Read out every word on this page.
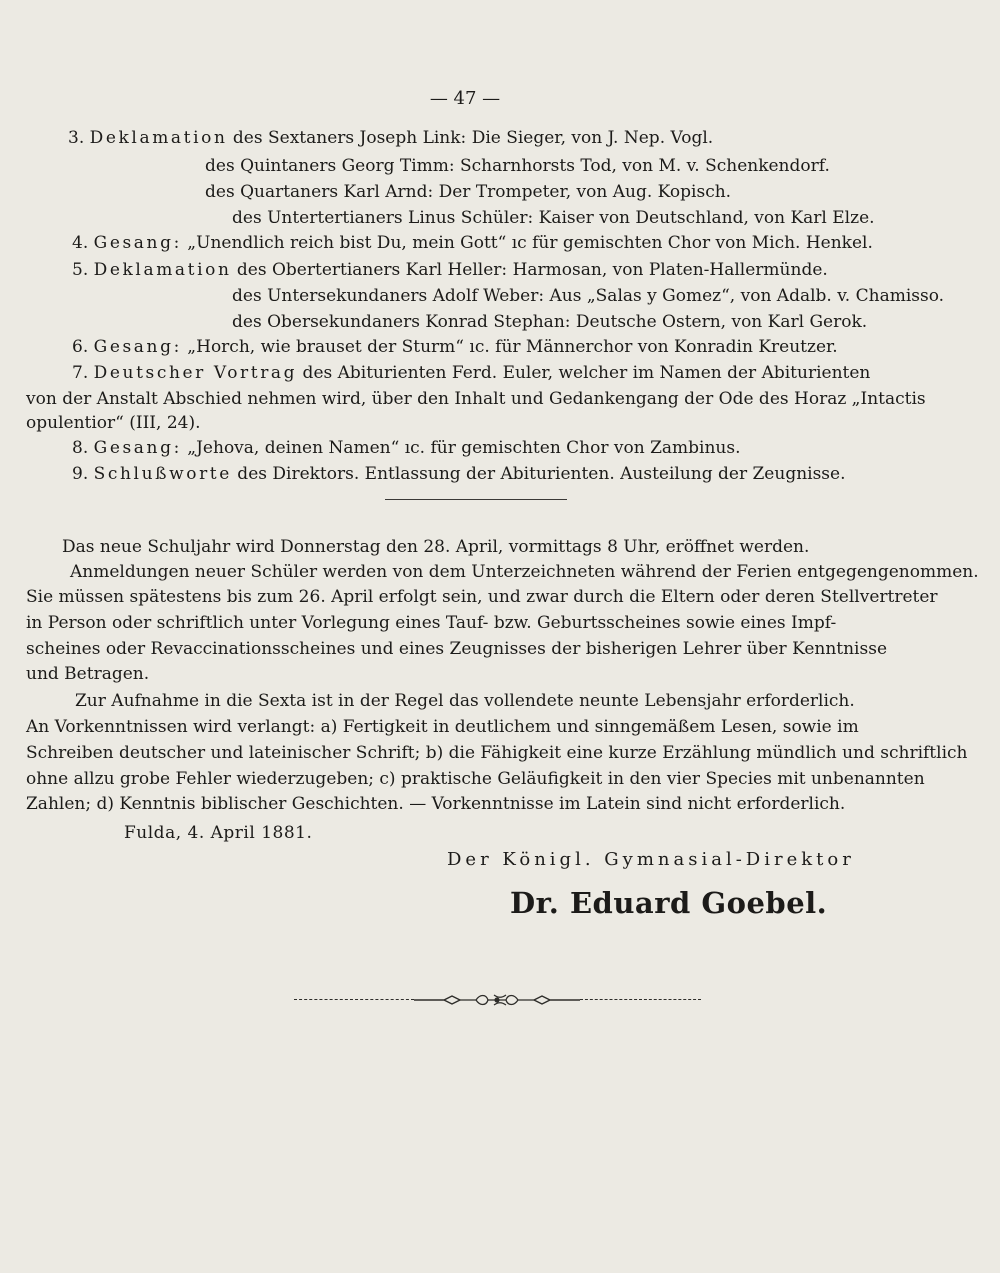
— 47 —
3. Deklamation des Sextaners Joseph Link: Die Sieger, von J. Nep. Vogl.
des Quintaners Georg Timm: Scharnhorsts Tod, von M. v. Schenkendorf.
des Quartaners Karl Arnd: Der Trompeter, von Aug. Kopisch.
des Untertertianers Linus Schüler: Kaiser von Deutschland, von Karl Elze.
4. Gesang: „Unendlich reich bist Du, mein Gott“ ıc für gemischten Chor von Mich. Henkel.
5. Deklamation des Obertertianers Karl Heller: Harmosan, von Platen-Hallermünde.
des Untersekundaners Adolf Weber: Aus „Salas y Gomez“, von Adalb. v. Chamisso.
des Obersekundaners Konrad Stephan: Deutsche Ostern, von Karl Gerok.
6. Gesang: „Horch, wie brauset der Sturm“ ıc. für Männerchor von Konradin Kreutzer.
7. Deutscher Vortrag des Abiturienten Ferd. Euler, welcher im Namen der Abiturienten
von der Anstalt Abschied nehmen wird, über den Inhalt und Gedankengang der Ode des Horaz „Intactis
opulentior“ (III, 24).
8. Gesang: „Jehova, deinen Namen“ ıc. für gemischten Chor von Zambinus.
9. Schlußworte des Direktors. Entlassung der Abiturienten. Austeilung der Zeugnisse.
Das neue Schuljahr wird Donnerstag den 28. April, vormittags 8 Uhr, eröffnet werden.
Anmeldungen neuer Schüler werden von dem Unterzeichneten während der Ferien entgegengenommen.
Sie müssen spätestens bis zum 26. April erfolgt sein, und zwar durch die Eltern oder deren Stellvertreter
in Person oder schriftlich unter Vorlegung eines Tauf- bzw. Geburtsscheines sowie eines Impf-
scheines oder Revaccinationsscheines und eines Zeugnisses der bisherigen Lehrer über Kenntnisse
und Betragen.
Zur Aufnahme in die Sexta ist in der Regel das vollendete neunte Lebensjahr erforderlich.
An Vorkenntnissen wird verlangt: a) Fertigkeit in deutlichem und sinngemäßem Lesen, sowie im
Schreiben deutscher und lateinischer Schrift; b) die Fähigkeit eine kurze Erzählung mündlich und schriftlich
ohne allzu grobe Fehler wiederzugeben; c) praktische Geläufigkeit in den vier Species mit unbenannten
Zahlen; d) Kenntnis biblischer Geschichten. — Vorkenntnisse im Latein sind nicht erforderlich.
Fulda, 4. April 1881.
Der Königl. Gymnasial-Direktor
Dr. Eduard Goebel.
